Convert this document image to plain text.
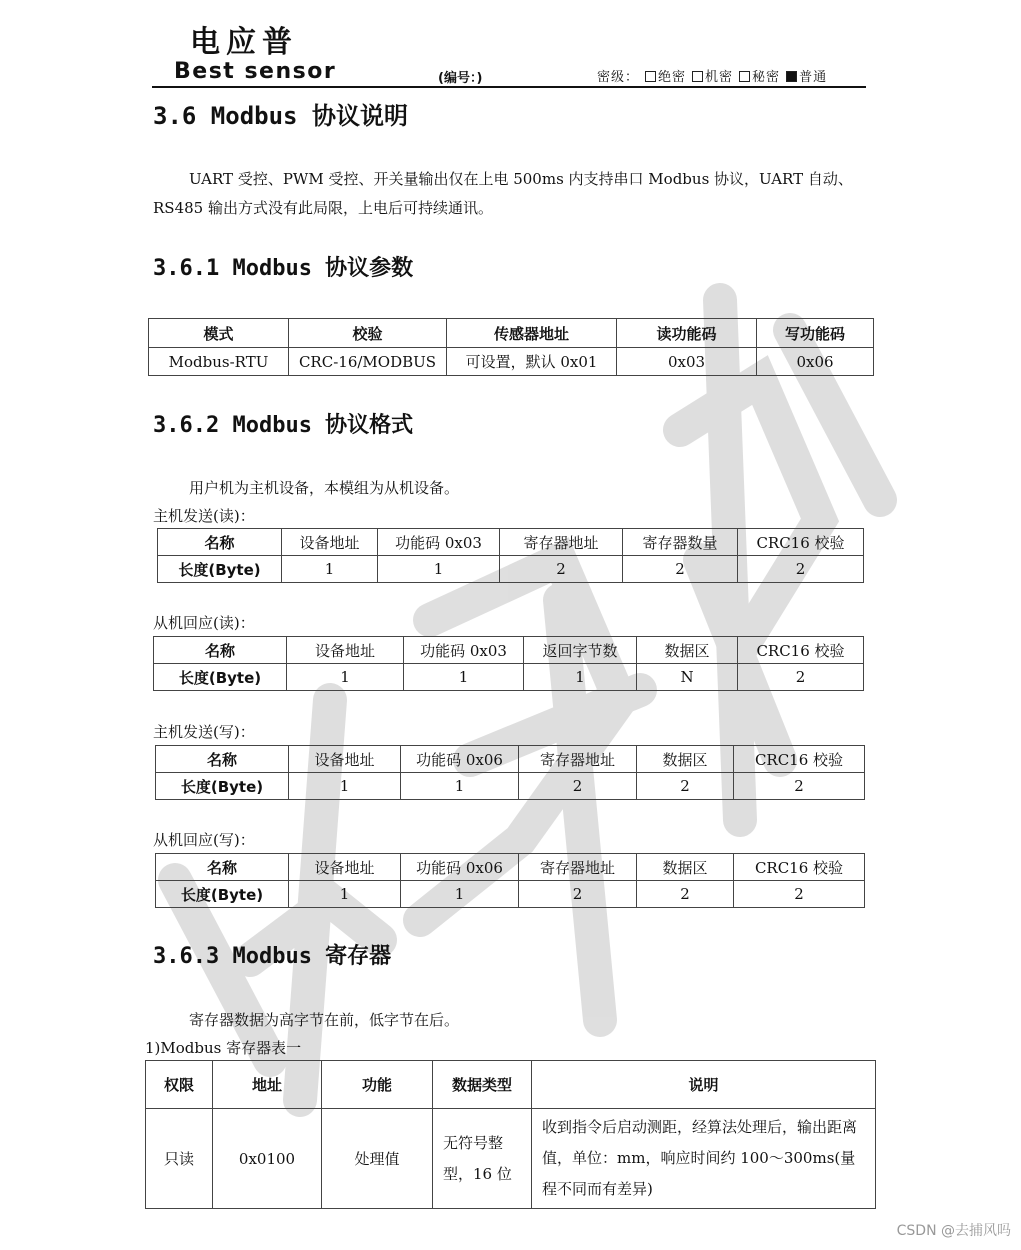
电应普
Best sensor	(编号：)	密级： 绝密 机密 秘密 普通
3.6 Modbus 协议说明
UART 受控、PWM 受控、开关量输出仅在上电 500ms 内支持串口 Modbus 协议，UART 自动、RS485 输出方式没有此局限，上电后可持续通讯。
3.6.1 Modbus 协议参数
模式	校验	传感器地址	读功能码	写功能码
Modbus-RTU	CRC-16/MODBUS	可设置，默认 0x01	0x03	0x06
3.6.2 Modbus 协议格式
用户机为主机设备，本模组为从机设备。
主机发送(读)：
名称	设备地址	功能码 0x03	寄存器地址	寄存器数量	CRC16 校验
长度(Byte)	1	1	2	2	2
从机回应(读)：
名称	设备地址	功能码 0x03	返回字节数	数据区	CRC16 校验
长度(Byte)	1	1	1	N	2
主机发送(写)：
名称	设备地址	功能码 0x06	寄存器地址	数据区	CRC16 校验
长度(Byte)	1	1	2	2	2
从机回应(写)：
名称	设备地址	功能码 0x06	寄存器地址	数据区	CRC16 校验
长度(Byte)	1	1	2	2	2
3.6.3 Modbus 寄存器
寄存器数据为高字节在前，低字节在后。
1)Modbus 寄存器表一
权限	地址	功能	数据类型	说明
只读	0x0100	处理值	无符号整型，16 位	收到指令后启动测距，经算法处理后，输出距离值，单位：mm，响应时间约 100～300ms(量程不同而有差异)
CSDN @去捕风吗
